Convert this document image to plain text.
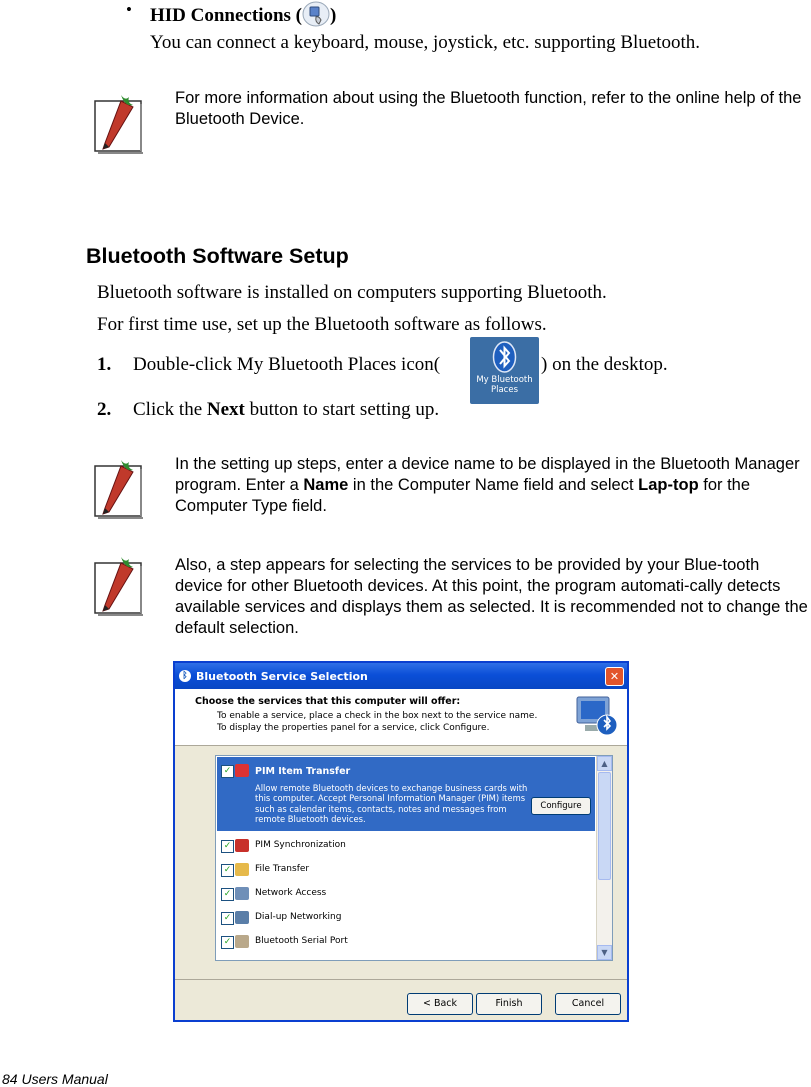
• HID Connections ( )
You can connect a keyboard, mouse, joystick, etc. supporting Bluetooth.
For more information about using the Bluetooth function, refer to the online help of the Bluetooth Device.
Bluetooth Software Setup
Bluetooth software is installed on computers supporting Bluetooth.
For first time use, set up the Bluetooth software as follows.
1. Double-click My Bluetooth Places icon(
My Bluetooth
Places
) on the desktop.
2. Click the Next button to start setting up.
In the setting up steps, enter a device name to be displayed in the Bluetooth Manager program. Enter a Name in the Computer Name field and select Lap-top for the Computer Type field.
Also, a step appears for selecting the services to be provided by your Blue-tooth device for other Bluetooth devices. At this point, the program automati-cally detects available services and displays them as selected. It is recommended not to change the default selection.
ᛒ Bluetooth Service Selection	✕
Choose the services that this computer will offer:
To enable a service, place a check in the box next to the service name.
To display the properties panel for a service, click Configure.
✓ PIM Item Transfer
Allow remote Bluetooth devices to exchange business cards with this computer. Accept Personal Information Manager (PIM) items such as calendar items, contacts, notes and messages from remote Bluetooth devices.
Configure
✓	PIM Synchronization
✓	File Transfer
✓	Network Access
✓	Dial-up Networking
✓	Bluetooth Serial Port
▲
▼
< Back	Finish	Cancel
84 Users Manual
